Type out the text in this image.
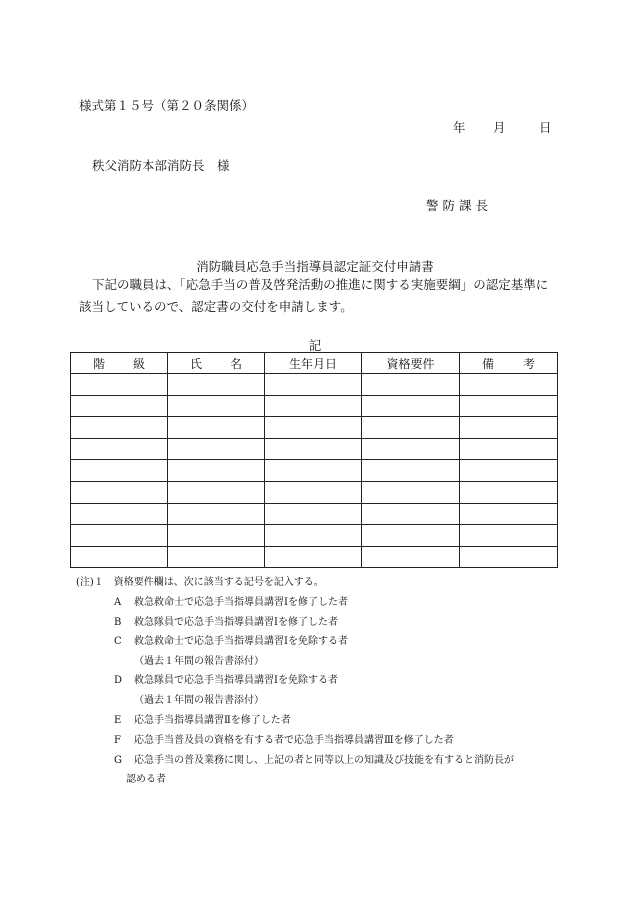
様式第１５号（第２０条関係）
年 月	日
秩父消防本部消防長　様
警防課長
消防職員応急手当指導員認定証交付申請書
下記の職員は、「応急手当の普及啓発活動の推進に関する実施要綱」の認定基準に該当しているので、認定書の交付を申請します。
記
階 級	氏 名	生年月日	資格要件	備 考

(注)１　資格要件欄は、次に該当する記号を記入する。
A 救急救命士で応急手当指導員講習Ⅰを修了した者
B 救急隊員で応急手当指導員講習Ⅰを修了した者
C 救急救命士で応急手当指導員講習Ⅰを免除する者
（過去１年間の報告書添付）
D 救急隊員で応急手当指導員講習Ⅰを免除する者
（過去１年間の報告書添付）
E 応急手当指導員講習Ⅱを修了した者
F 応急手当普及員の資格を有する者で応急手当指導員講習Ⅲを修了した者
G 応急手当の普及業務に関し、上記の者と同等以上の知識及び技能を有すると消防長が
認める者
